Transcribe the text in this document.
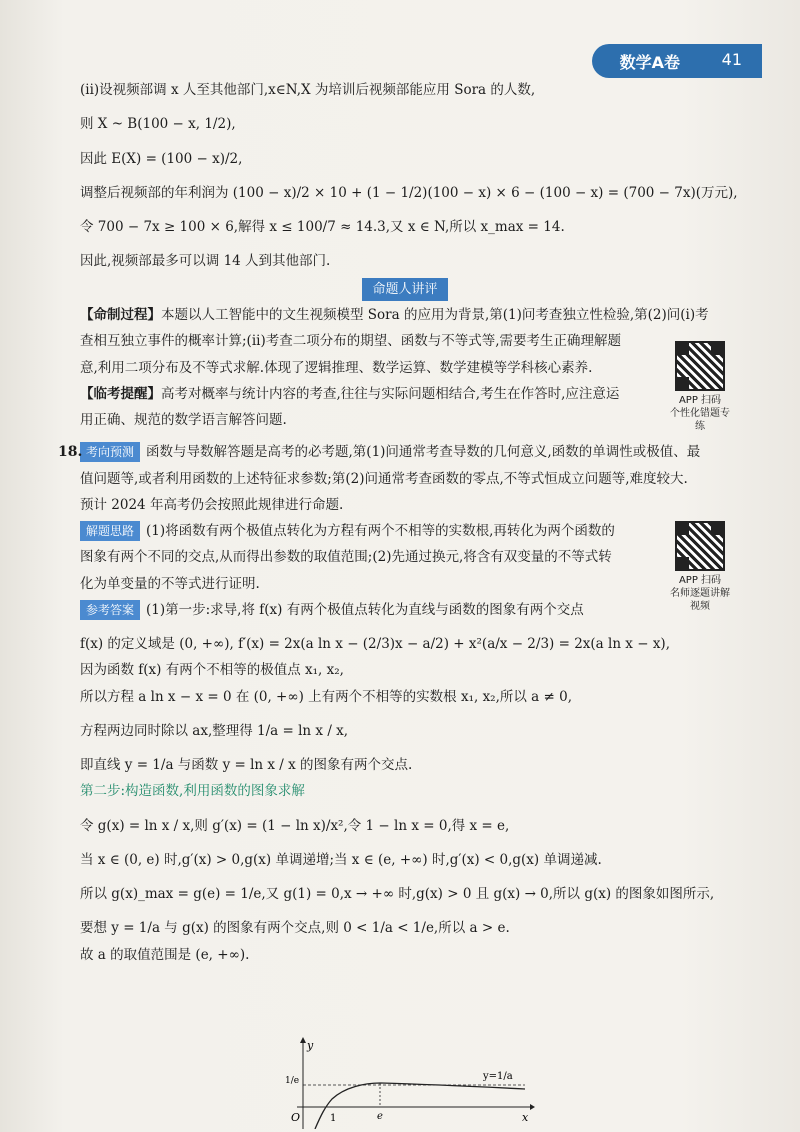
数学A卷	41

(ii)设视频部调 x 人至其他部门,x∈N,X 为培训后视频部能应用 Sora 的人数,

则 X ~ B(100 − x, 1/2),

因此 E(X) = (100 − x)/2,

调整后视频部的年利润为 (100 − x)/2 × 10 + (1 − 1/2)(100 − x) × 6 − (100 − x) = (700 − 7x)(万元),

令 700 − 7x ≥ 100 × 6,解得 x ≤ 100/7 ≈ 14.3,又 x ∈ N,所以 x_max = 14.

因此,视频部最多可以调 14 人到其他部门.

命题人讲评
APP 扫码
个性化错题专练

【命制过程】本题以人工智能中的文生视频模型 Sora 的应用为背景,第(1)问考查独立性检验,第(2)问(i)考

查相互独立事件的概率计算;(ii)考查二项分布的期望、函数与不等式等,需要考生正确理解题

意,利用二项分布及不等式求解.体现了逻辑推理、数学运算、数学建模等学科核心素养.

【临考提醒】高考对概率与统计内容的考查,往往与实际问题相结合,考生在作答时,应注意运

用正确、规范的数学语言解答问题.

18. 考向预测 函数与导数解答题是高考的必考题,第(1)问通常考查导数的几何意义,函数的单调性或极值、最

值问题等,或者利用函数的上述特征求参数;第(2)问通常考查函数的零点,不等式恒成立问题等,难度较大.

预计 2024 年高考仍会按照此规律进行命题.

APP 扫码
名师逐题讲解视频

解题思路 (1)将函数有两个极值点转化为方程有两个不相等的实数根,再转化为两个函数的

图象有两个不同的交点,从而得出参数的取值范围;(2)先通过换元,将含有双变量的不等式转

化为单变量的不等式进行证明.

参考答案 (1)第一步:求导,将 f(x) 有两个极值点转化为直线与函数的图象有两个交点

f(x) 的定义域是 (0, +∞), f′(x) = 2x(a ln x − (2/3)x − a/2) + x²(a/x − 2/3) = 2x(a ln x − x),

因为函数 f(x) 有两个不相等的极值点 x₁, x₂,

所以方程 a ln x − x = 0 在 (0, +∞) 上有两个不相等的实数根 x₁, x₂,所以 a ≠ 0,

方程两边同时除以 ax,整理得 1/a = ln x / x,

即直线 y = 1/a 与函数 y = ln x / x 的图象有两个交点.

第二步:构造函数,利用函数的图象求解

令 g(x) = ln x / x,则 g′(x) = (1 − ln x)/x²,令 1 − ln x = 0,得 x = e,

当 x ∈ (0, e) 时,g′(x) > 0,g(x) 单调递增;当 x ∈ (e, +∞) 时,g′(x) < 0,g(x) 单调递减.

所以 g(x)_max = g(e) = 1/e,又 g(1) = 0,x → +∞ 时,g(x) > 0 且 g(x) → 0,所以 g(x) 的图象如图所示,

要想 y = 1/a 与 g(x) 的图象有两个交点,则 0 < 1/a < 1/e,所以 a > e.

故 a 的取值范围是 (e, +∞).

y
x
O	1	e
1/e	y=1/a
